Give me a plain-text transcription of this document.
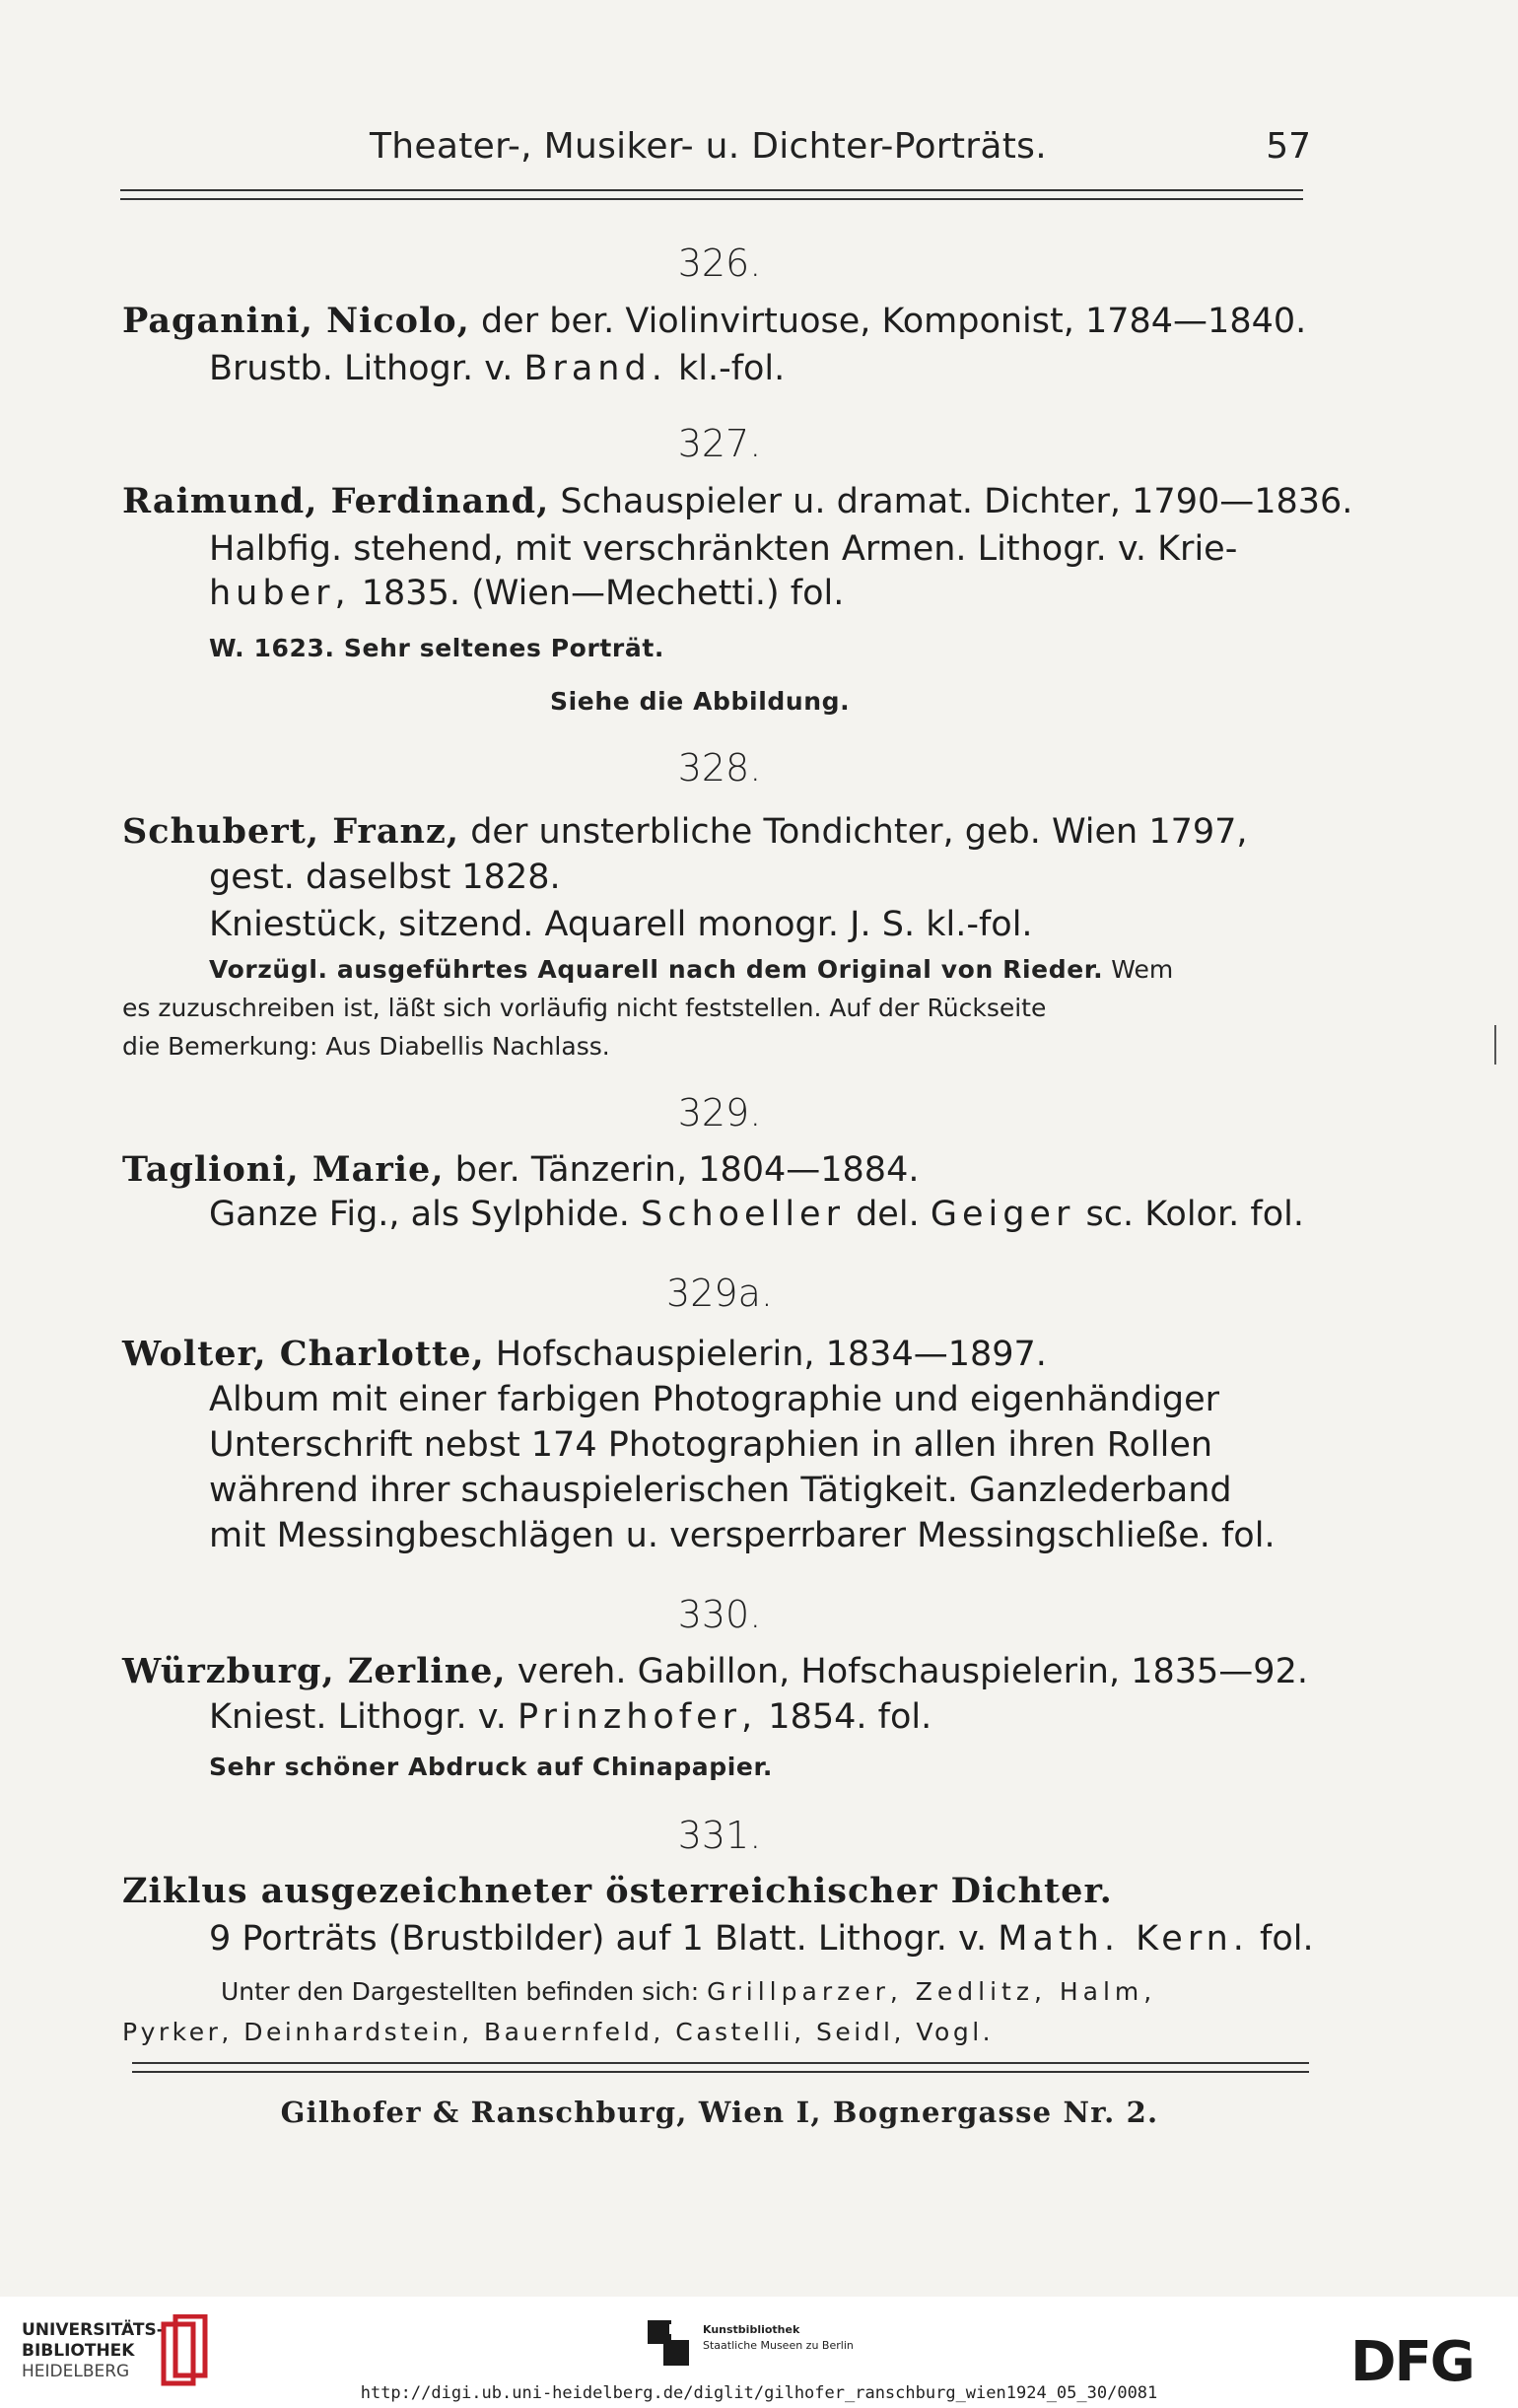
Theater-, Musiker- u. Dichter-Porträts.	57
326.
Paganini, Nicolo, der ber. Violinvirtuose, Komponist, 1784—1840.
Brustb. Lithogr. v. Brand. kl.-fol.
327.
Raimund, Ferdinand, Schauspieler u. dramat. Dichter, 1790—1836.
Halbfig. stehend, mit verschränkten Armen. Lithogr. v. Krie-
huber, 1835. (Wien—Mechetti.) fol.
W. 1623. Sehr seltenes Porträt.
Siehe die Abbildung.
328.
Schubert, Franz, der unsterbliche Tondichter, geb. Wien 1797,
gest. daselbst 1828.
Kniestück, sitzend. Aquarell monogr. J. S. kl.-fol.
Vorzügl. ausgeführtes Aquarell nach dem Original von Rieder. Wem
es zuzuschreiben ist, läßt sich vorläufig nicht feststellen. Auf der Rückseite
die Bemerkung: Aus Diabellis Nachlass.
329.
Taglioni, Marie, ber. Tänzerin, 1804—1884.
Ganze Fig., als Sylphide. Schoeller del. Geiger sc. Kolor. fol.
329a.
Wolter, Charlotte, Hofschauspielerin, 1834—1897.
Album mit einer farbigen Photographie und eigenhändiger
Unterschrift nebst 174 Photographien in allen ihren Rollen
während ihrer schauspielerischen Tätigkeit. Ganzlederband
mit Messingbeschlägen u. versperrbarer Messingschließe. fol.
330.
Würzburg, Zerline, vereh. Gabillon, Hofschauspielerin, 1835—92.
Kniest. Lithogr. v. Prinzhofer, 1854. fol.
Sehr schöner Abdruck auf Chinapapier.
331.
Ziklus ausgezeichneter österreichischer Dichter.
9 Porträts (Brustbilder) auf 1 Blatt. Lithogr. v. Math. Kern. fol.
Unter den Dargestellten befinden sich: Grillparzer, Zedlitz, Halm,
Pyrker, Deinhardstein, Bauernfeld, Castelli, Seidl, Vogl.
Gilhofer & Ranschburg, Wien I, Bognergasse Nr. 2.
UNIVERSITÄTS-
BIBLIOTHEK
HEIDELBERG
Kunstbibliothek
Staatliche Museen zu Berlin	DFG
http://digi.ub.uni-heidelberg.de/diglit/gilhofer_ranschburg_wien1924_05_30/0081
